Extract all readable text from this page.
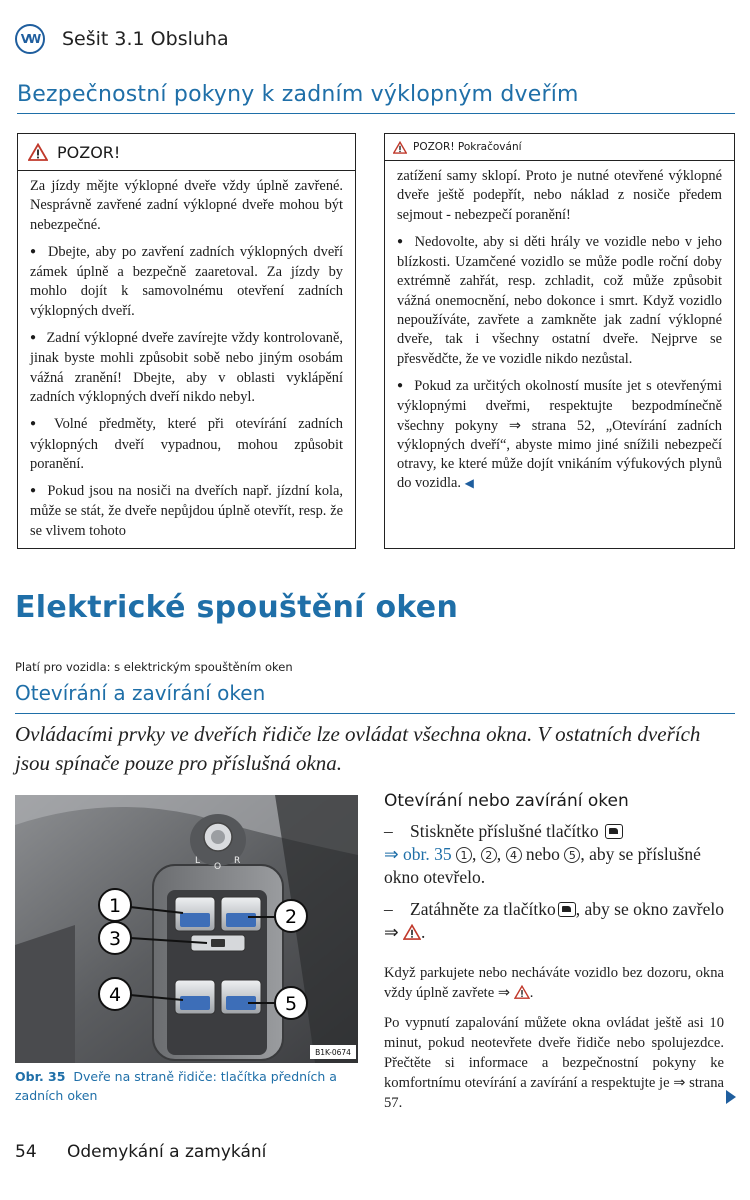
VW Sešit 3.1 Obsluha
Bezpečnostní pokyny k zadním výklopným dveřím
POZOR!

Za jízdy mějte výklopné dveře vždy úplně zavřené. Nesprávně zavřené zadní výklopné dveře mohou být nebezpečné.

● Dbejte, aby po zavření zadních výklopných dveří zámek úplně a bezpečně zaaretoval. Za jízdy by mohlo dojít k samovolnému otevření zadních výklopných dveří.

● Zadní výklopné dveře zavírejte vždy kontrolovaně, jinak byste mohli způsobit sobě nebo jiným osobám vážná zranění! Dbejte, aby v oblasti vyklápění zadních výklopných dveří nikdo nebyl.

● Volné předměty, které při otevírání zadních výklopných dveří vypadnou, mohou způsobit poranění.

● Pokud jsou na nosiči na dveřích např. jízdní kola, může se stát, že dveře nepůjdou úplně otevřít, resp. že se vlivem tohoto

POZOR! Pokračování

zatížení samy sklopí. Proto je nutné otevřené výklopné dveře ještě podepřít, nebo náklad z nosiče předem sejmout - nebezpečí poranění!

● Nedovolte, aby si děti hrály ve vozidle nebo v jeho blízkosti. Uzamčené vozidlo se může podle roční doby extrémně zahřát, resp. zchladit, což může způsobit vážná onemocnění, nebo dokonce i smrt. Když vozidlo nepoužíváte, zavřete a zamkněte jak zadní výklopné dveře, tak i všechny ostatní dveře. Nejprve se přesvědčte, že ve vozidle nikdo nezůstal.

● Pokud za určitých okolností musíte jet s otevřenými výklopnými dveřmi, respektujte bezpodmínečně všechny pokyny ⇒ strana 52, „Otevírání zadních výklopných dveří“, abyste mimo jiné snížili nebezpečí otravy, ke které může dojít vnikáním výfukových plynů do vozidla. ◀

Elektrické spouštění oken
Platí pro vozidla: s elektrickým spouštěním oken
Otevírání a zavírání oken
Ovládacími prvky ve dveřích řidiče lze ovládat všechna okna. V ostatních dveřích jsou spínače pouze pro příslušná okna.
L
O
R
1	2
3
4	5
B1K-0674
Obr. 35 Dveře na straně řidiče: tlačítka předních a zadních oken
Otevírání nebo zavírání oken
– Stiskněte příslušné tlačítko
⇒ obr. 35 1 , 2 , 4 nebo 5 , aby se příslušné okno otevřelo.
– Zatáhněte za tlačítko , aby se okno zavřelo ⇒ .
Když parkujete nebo necháváte vozidlo bez dozoru, okna vždy úplně zavřete ⇒ .
Po vypnutí zapalování můžete okna ovládat ještě asi 10 minut, pokud neotevřete dveře řidiče nebo spolujezdce. Přečtěte si informace a bezpečnostní pokyny ke komfortnímu otevírání a zavírání a respektujte je ⇒ strana 57.
54 Odemykání a zamykání
